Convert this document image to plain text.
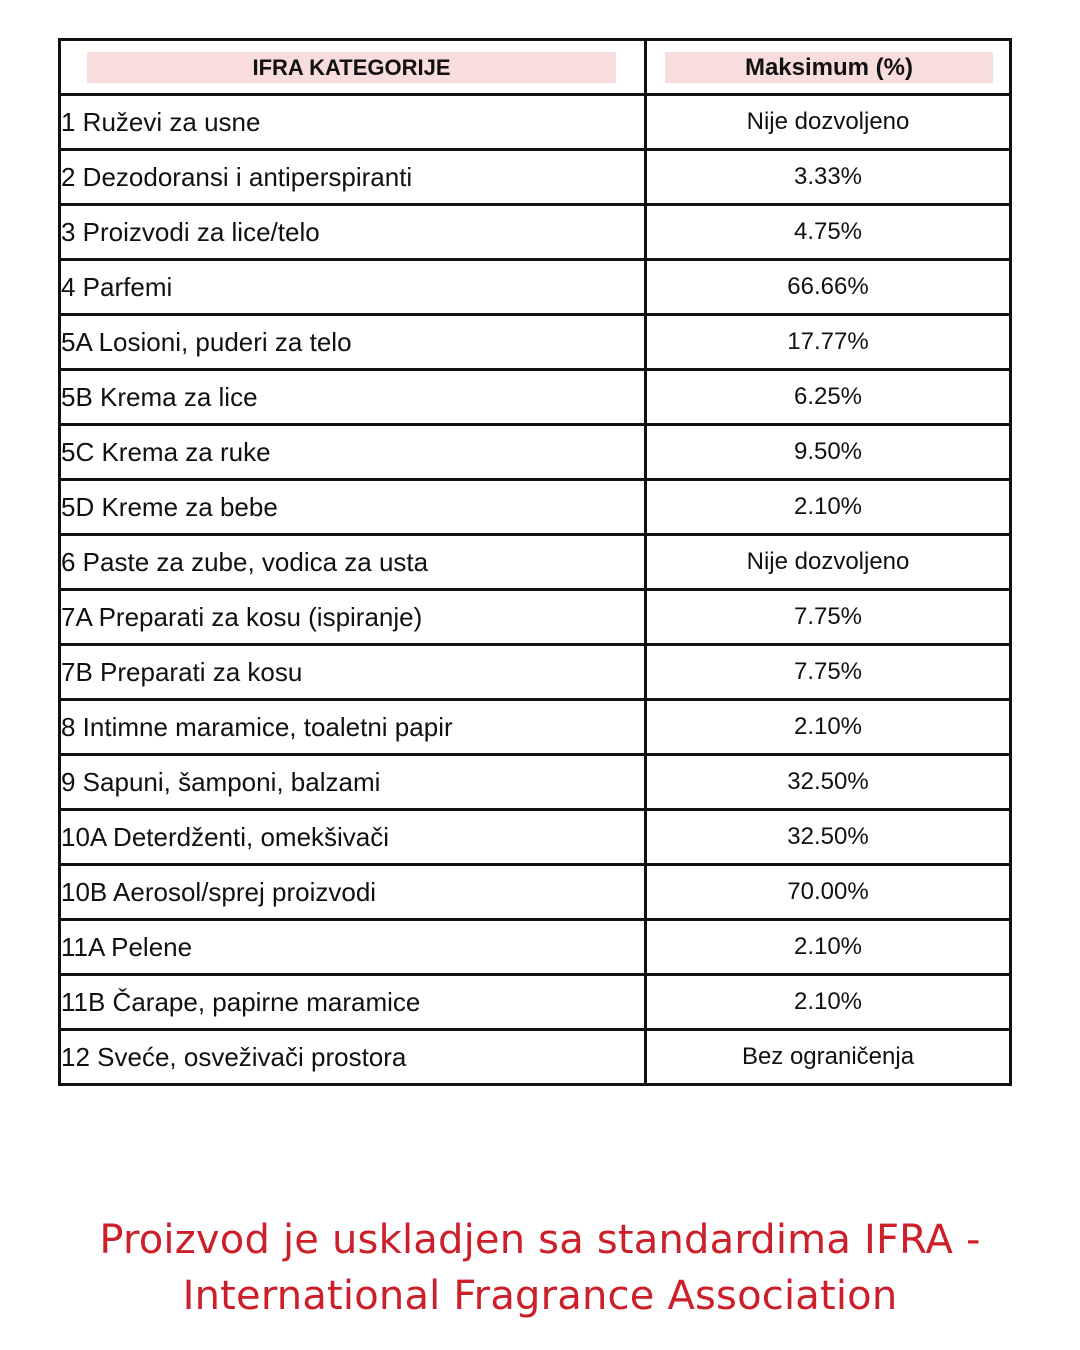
IFRA KATEGORIJE	Maksimum (%)

1 Ruževi za usne	Nije dozvoljeno
2 Dezodoransi i antiperspiranti	3.33%
3 Proizvodi za lice/telo	4.75%
4 Parfemi	66.66%
5A Losioni, puderi za telo	17.77%
5B Krema za lice	6.25%
5C Krema za ruke	9.50%
5D Kreme za bebe	2.10%
6 Paste za zube, vodica za usta	Nije dozvoljeno
7A Preparati za kosu (ispiranje)	7.75%
7B Preparati za kosu	7.75%
8 Intimne maramice, toaletni papir	2.10%
9 Sapuni, šamponi, balzami	32.50%
10A Deterdženti, omekšivači	32.50%
10B Aerosol/sprej proizvodi	70.00%
11A Pelene	2.10%
11B Čarape, papirne maramice	2.10%
12 Sveće, osveživači prostora	Bez ograničenja
Proizvod je uskladjen sa standardima IFRA -
International Fragrance Association
